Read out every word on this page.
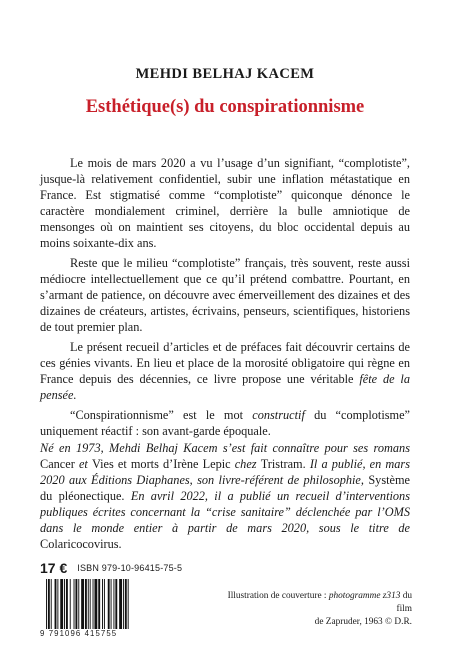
MEHDI BELHAJ KACEM
Esthétique(s) du conspirationnisme

Le mois de mars 2020 a vu l’usage d’un signifiant, “complotiste”, jusque-là relativement confidentiel, subir une inflation métastatique en France. Est stigmatisé comme “complotiste” quiconque dénonce le caractère mondialement criminel, derrière la bulle amniotique de mensonges où on maintient ses citoyens, du bloc occidental depuis au moins soixante-dix ans.

Reste que le milieu “complotiste” français, très souvent, reste aussi médiocre intellectuellement que ce qu’il prétend combattre. Pourtant, en s’armant de patience, on découvre avec émerveillement des dizaines et des dizaines de créateurs, artistes, écrivains, penseurs, scientifiques, historiens de tout premier plan.

Le présent recueil d’articles et de préfaces fait découvrir certains de ces génies vivants. En lieu et place de la morosité obligatoire qui règne en France depuis des décennies, ce livre propose une véritable fête de la pensée.

“Conspirationnisme” est le mot constructif du “complotisme” uniquement réactif : son avant-garde époquale.

Né en 1973, Mehdi Belhaj Kacem s’est fait connaître pour ses romans Cancer et Vies et morts d’Irène Lepic chez Tristram. Il a publié, en mars 2020 aux Éditions Diaphanes, son livre-référent de philosophie, Système du pléonectique. En avril 2022, il a publié un recueil d’interventions publiques écrites concernant la “crise sanitaire” déclenchée par l’OMS dans le monde entier à partir de mars 2020, sous le titre de Colaricocovirus.
17 € ISBN 979-10-96415-75-5
9 791096 415755
Illustration de couverture : photogramme z313 du film
de Zapruder, 1963 © D.R.
